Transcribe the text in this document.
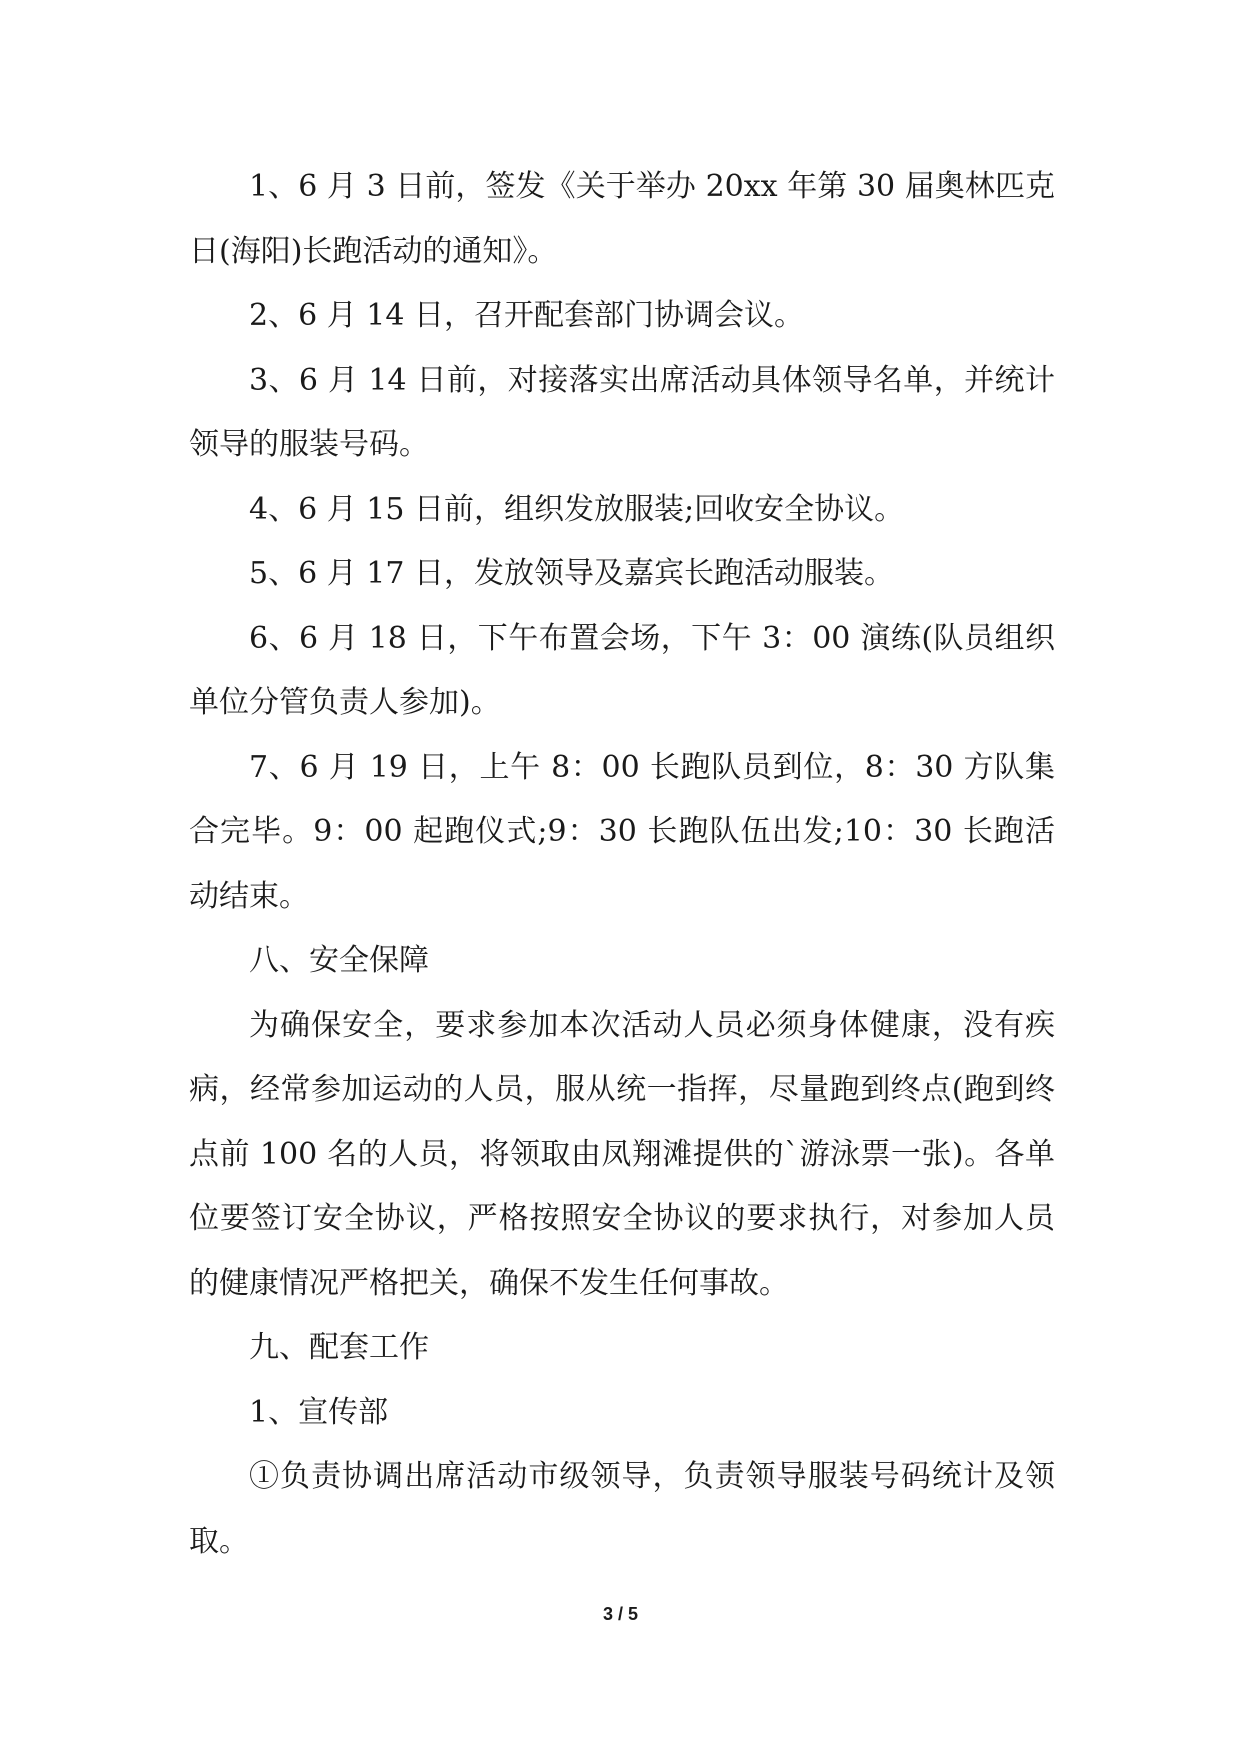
1、6 月 3 日前，签发《关于举办 20xx 年第 30 届奥林匹克日(海阳)长跑活动的通知》。

2、6 月 14 日，召开配套部门协调会议。

3、6 月 14 日前，对接落实出席活动具体领导名单，并统计领导的服装号码。

4、6 月 15 日前，组织发放服装;回收安全协议。

5、6 月 17 日，发放领导及嘉宾长跑活动服装。

6、6 月 18 日，下午布置会场，下午 3：00 演练(队员组织单位分管负责人参加)。

7、6 月 19 日，上午 8：00 长跑队员到位，8：30 方队集合完毕。9：00 起跑仪式;9：30 长跑队伍出发;10：30 长跑活动结束。

八、安全保障

为确保安全，要求参加本次活动人员必须身体健康，没有疾病，经常参加运动的人员，服从统一指挥，尽量跑到终点(跑到终点前 100 名的人员，将领取由凤翔滩提供的`游泳票一张)。各单位要签订安全协议，严格按照安全协议的要求执行，对参加人员的健康情况严格把关，确保不发生任何事故。

九、配套工作

1、宣传部

①负责协调出席活动市级领导，负责领导服装号码统计及领取。

3 / 5
